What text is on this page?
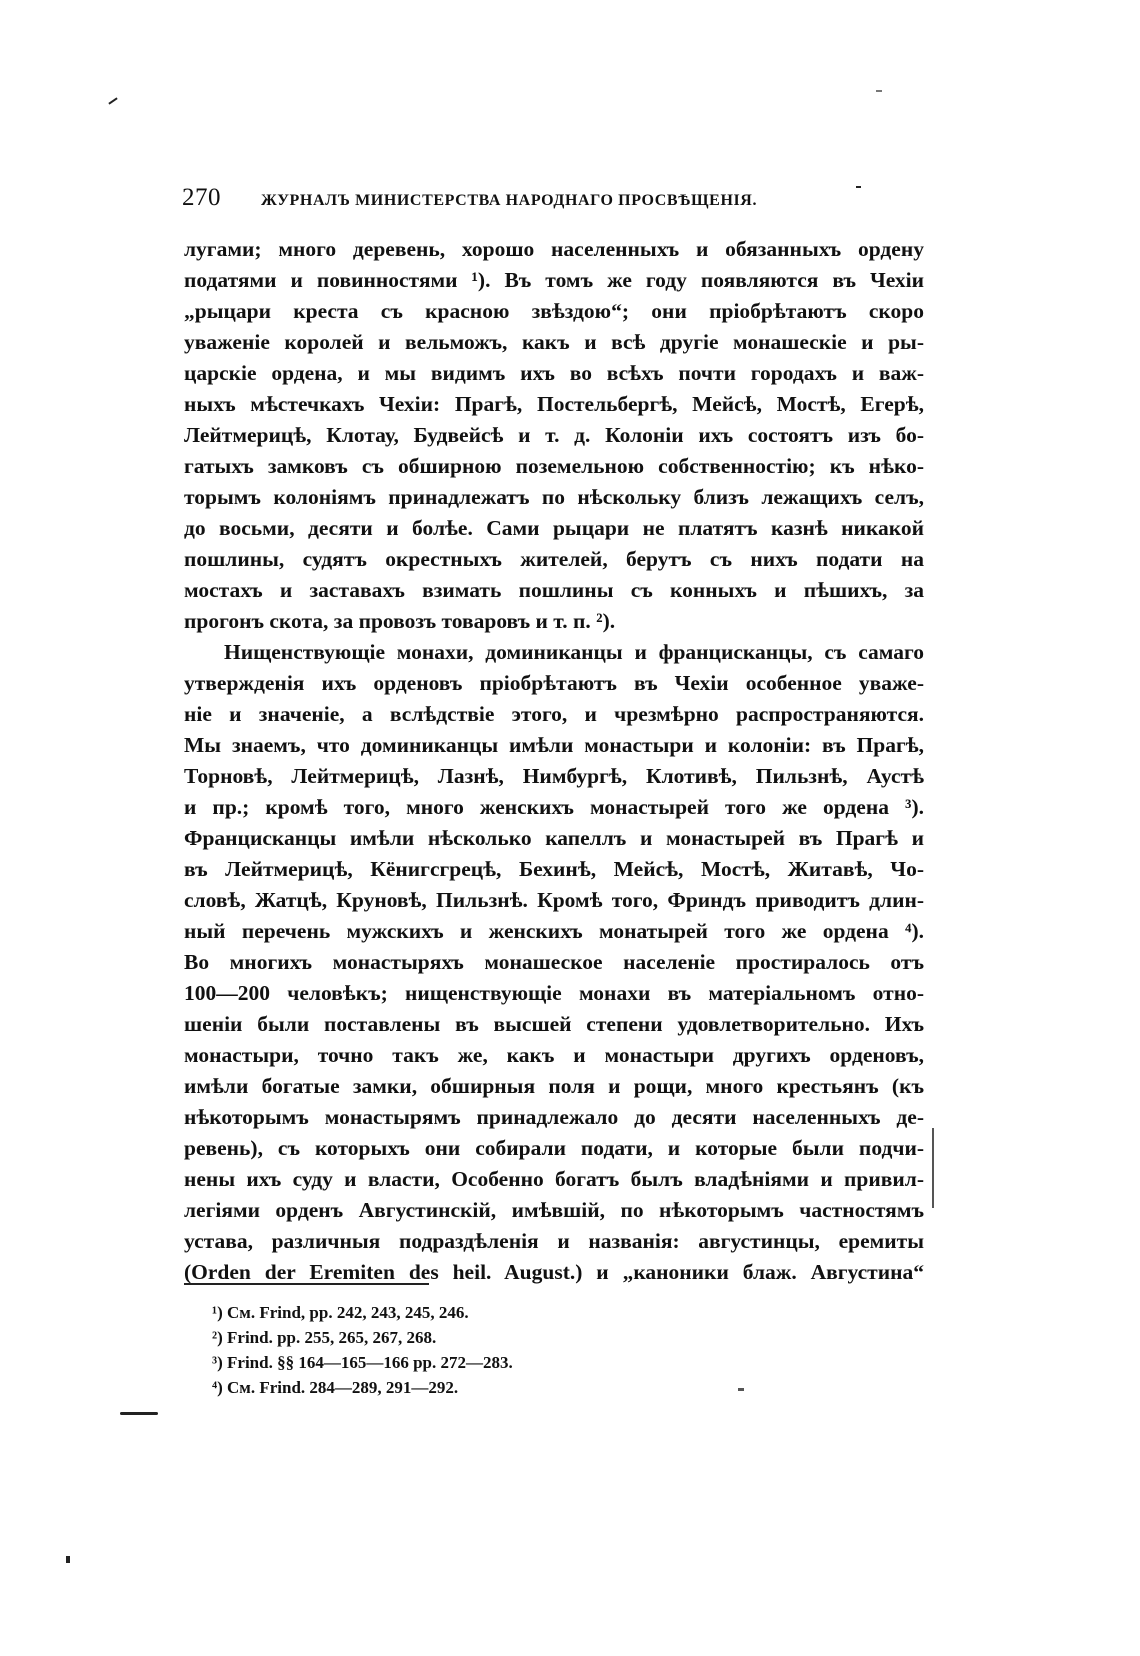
270	ЖУРНАЛЪ МИНИСТЕРСТВА НАРОДНАГО ПРОСВѢЩЕНІЯ.
лугами; много деревень, хорошо населенныхъ и обязанныхъ ордену
податями и повинностями ¹). Въ томъ же году появляются въ Чехіи
„рыцари креста съ красною звѣздою“; они пріобрѣтаютъ скоро
уваженіе королей и вельможъ, какъ и всѣ другіе монашескіе и ры-
царскіе ордена, и мы видимъ ихъ во всѣхъ почти городахъ и важ-
ныхъ мѣстечкахъ Чехіи: Прагѣ, Постельбергѣ, Мейсѣ, Мостѣ, Егерѣ,
Лейтмерицѣ, Клотау, Будвейсѣ и т. д. Колоніи ихъ состоятъ изъ бо-
гатыхъ замковъ съ обширною поземельною собственностію; къ нѣко-
торымъ колоніямъ принадлежатъ по нѣскольку близъ лежащихъ селъ,
до восьми, десяти и болѣе. Сами рыцари не платятъ казнѣ никакой
пошлины, судятъ окрестныхъ жителей, берутъ съ нихъ подати на
мостахъ и заставахъ взимать пошлины съ конныхъ и пѣшихъ, за
прогонъ скота, за провозъ товаровъ и т. п. ²).
Нищенствующіе монахи, доминиканцы и францисканцы, съ самаго
утвержденія ихъ орденовъ пріобрѣтаютъ въ Чехіи особенное уваже-
ніе и значеніе, а вслѣдствіе этого, и чрезмѣрно распространяются.
Мы знаемъ, что доминиканцы имѣли монастыри и колоніи: въ Прагѣ,
Торновѣ, Лейтмерицѣ, Лазнѣ, Нимбургѣ, Клотивѣ, Пильзнѣ, Аустѣ
и пр.; кромѣ того, много женскихъ монастырей того же ордена ³).
Францисканцы имѣли нѣсколько капеллъ и монастырей въ Прагѣ и
въ Лейтмерицѣ, Кёнигсгрецѣ, Бехинѣ, Мейсѣ, Мостѣ, Житавѣ, Чо-
словѣ, Жатцѣ, Круновѣ, Пильзнѣ. Кромѣ того, Фриндъ приводитъ длин-
ный перечень мужскихъ и женскихъ монатырей того же ордена ⁴).
Во многихъ монастыряхъ монашеское населеніе простиралось отъ
100—200 человѣкъ; нищенствующіе монахи въ матеріальномъ отно-
шеніи были поставлены въ высшей степени удовлетворительно. Ихъ
монастыри, точно такъ же, какъ и монастыри другихъ орденовъ,
имѣли богатые замки, обширныя поля и рощи, много крестьянъ (къ
нѣкоторымъ монастырямъ принадлежало до десяти населенныхъ де-
ревень), съ которыхъ они собирали подати, и которые были подчи-
нены ихъ суду и власти, Особенно богатъ былъ владѣніями и привил-
легіями орденъ Августинскій, имѣвшій, по нѣкоторымъ частностямъ
устава, различныя подраздѣленія и названія: августинцы, еремиты
(Orden der Eremiten des heil. August.) и „каноники блаж. Августина“
¹) См. Frind, pp. 242, 243, 245, 246.
²) Frind. pp. 255, 265, 267, 268.
³) Frind. §§ 164—165—166 pp. 272—283.
⁴) См. Frind. 284—289, 291—292.
